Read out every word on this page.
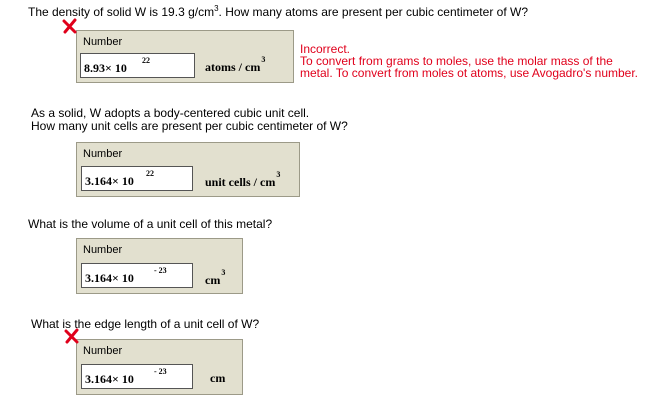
The density of solid W is 19.3 $g/cm^3$. How many atoms are present per cubic centimeter of W?
Number
8.93× 10
22	atoms / cm
3
Incorrect.
To convert from grams to moles, use the molar mass of the
metal. To convert from moles ot atoms, use Avogadro's number.
As a solid, W adopts a body-centered cubic unit cell.
How many unit cells are present per cubic centimeter of W?
Number
3.164× 10
22
unit cells / cm
3
What is the volume of a unit cell of this metal?
Number
3.164× 10
- 23
cm
3
What is the edge length of a unit cell of W?
Number
3.164× 10
- 23	cm
